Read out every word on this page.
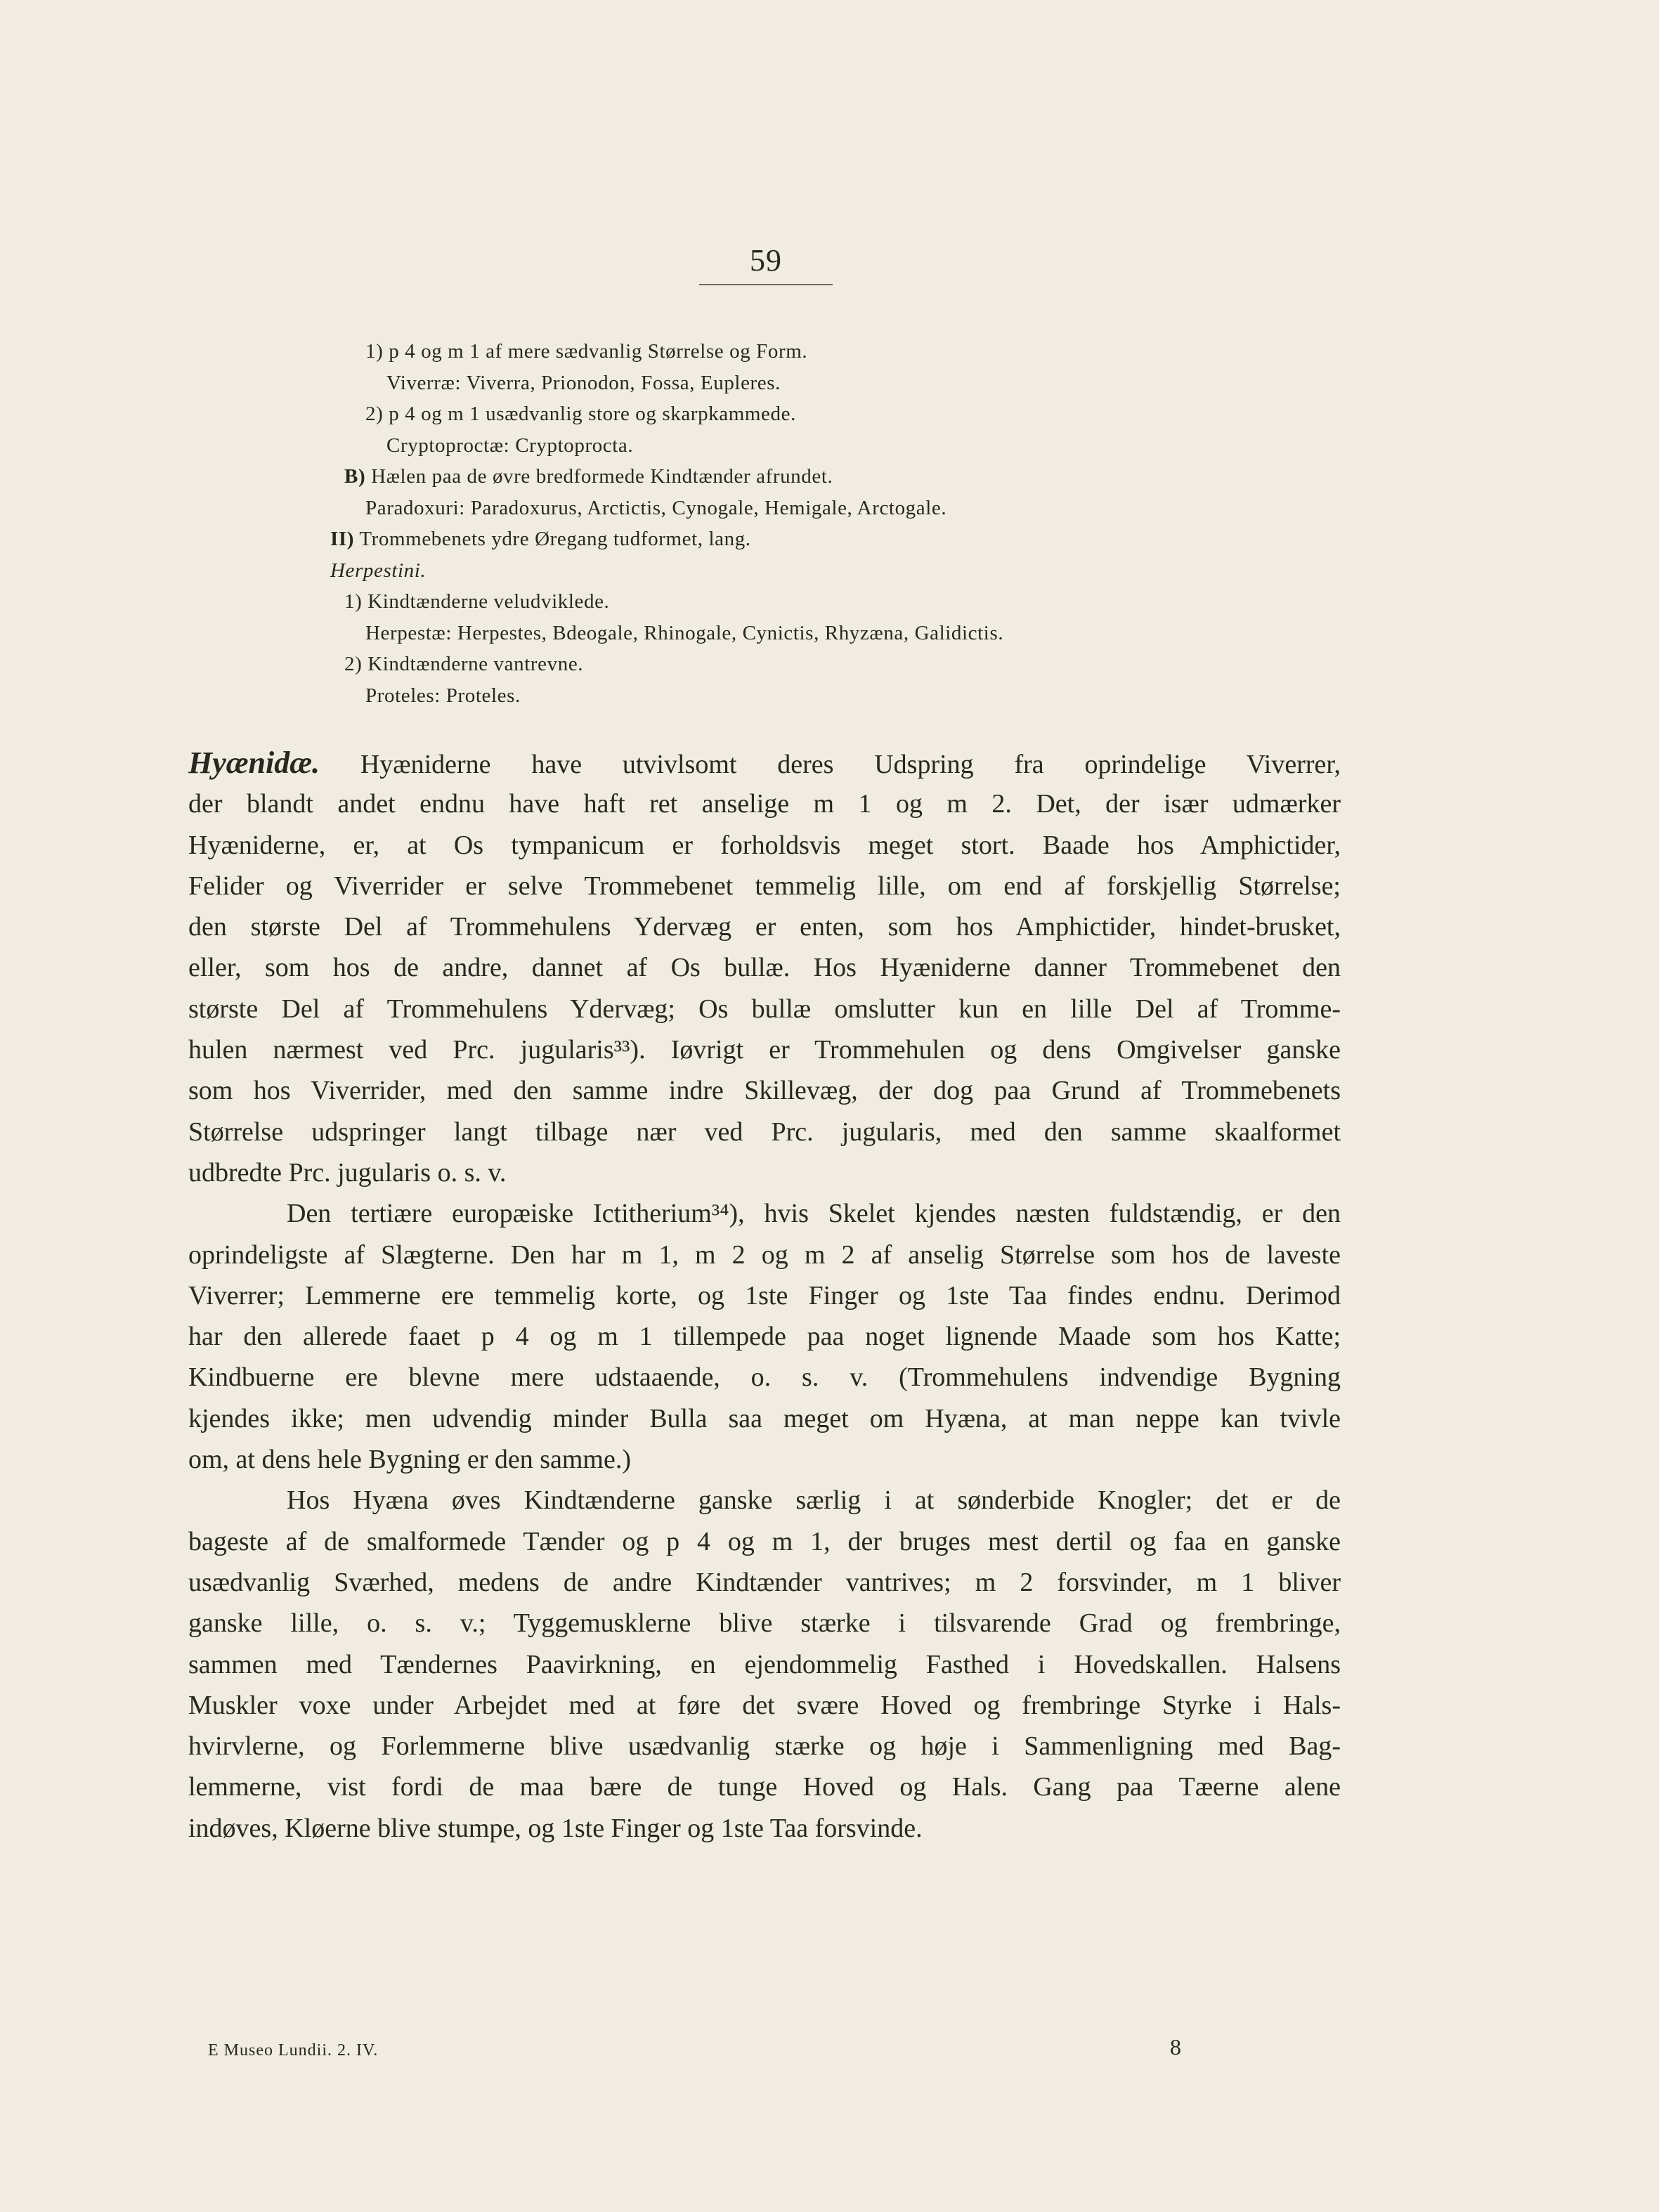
59
1) p 4 og m 1 af mere sædvanlig Størrelse og Form.
Viverræ: Viverra, Prionodon, Fossa, Eupleres.
2) p 4 og m 1 usædvanlig store og skarpkammede.
Cryptoproctæ: Cryptoprocta.
B) Hælen paa de øvre bredformede Kindtænder afrundet.
Paradoxuri: Paradoxurus, Arctictis, Cynogale, Hemigale, Arctogale.
II) Trommebenets ydre Øregang tudformet, lang.
Herpestini.
1) Kindtænderne veludviklede.
Herpestæ: Herpestes, Bdeogale, Rhinogale, Cynictis, Rhyzæna, Galidictis.
2) Kindtænderne vantrevne.
Proteles: Proteles.
Hyænidæ. Hyæniderne have utvivlsomt deres Udspring fra oprindelige Viverrer,
der blandt andet endnu have haft ret anselige m 1 og m 2. Det, der især udmærker
Hyæniderne, er, at Os tympanicum er forholdsvis meget stort. Baade hos Amphictider,
Felider og Viverrider er selve Trommebenet temmelig lille, om end af forskjellig Størrelse;
den største Del af Trommehulens Ydervæg er enten, som hos Amphictider, hindet-brusket,
eller, som hos de andre, dannet af Os bullæ. Hos Hyæniderne danner Trommebenet den
største Del af Trommehulens Ydervæg; Os bullæ omslutter kun en lille Del af Tromme-
hulen nærmest ved Prc. jugularis³³). Iøvrigt er Trommehulen og dens Omgivelser ganske
som hos Viverrider, med den samme indre Skillevæg, der dog paa Grund af Trommebenets
Størrelse udspringer langt tilbage nær ved Prc. jugularis, med den samme skaalformet
udbredte Prc. jugularis o. s. v.
Den tertiære europæiske Ictitherium³⁴), hvis Skelet kjendes næsten fuldstændig, er den
oprindeligste af Slægterne. Den har m 1, m 2 og m 2 af anselig Størrelse som hos de laveste
Viverrer; Lemmerne ere temmelig korte, og 1ste Finger og 1ste Taa findes endnu. Derimod
har den allerede faaet p 4 og m 1 tillempede paa noget lignende Maade som hos Katte;
Kindbuerne ere blevne mere udstaaende, o. s. v. (Trommehulens indvendige Bygning
kjendes ikke; men udvendig minder Bulla saa meget om Hyæna, at man neppe kan tvivle
om, at dens hele Bygning er den samme.)
Hos Hyæna øves Kindtænderne ganske særlig i at sønderbide Knogler; det er de
bageste af de smalformede Tænder og p 4 og m 1, der bruges mest dertil og faa en ganske
usædvanlig Sværhed, medens de andre Kindtænder vantrives; m 2 forsvinder, m 1 bliver
ganske lille, o. s. v.; Tyggemusklerne blive stærke i tilsvarende Grad og frembringe,
sammen med Tændernes Paavirkning, en ejendommelig Fasthed i Hovedskallen. Halsens
Muskler voxe under Arbejdet med at føre det svære Hoved og frembringe Styrke i Hals-
hvirvlerne, og Forlemmerne blive usædvanlig stærke og høje i Sammenligning med Bag-
lemmerne, vist fordi de maa bære de tunge Hoved og Hals. Gang paa Tæerne alene
indøves, Kløerne blive stumpe, og 1ste Finger og 1ste Taa forsvinde.
E Museo Lundii. 2. IV.	8
